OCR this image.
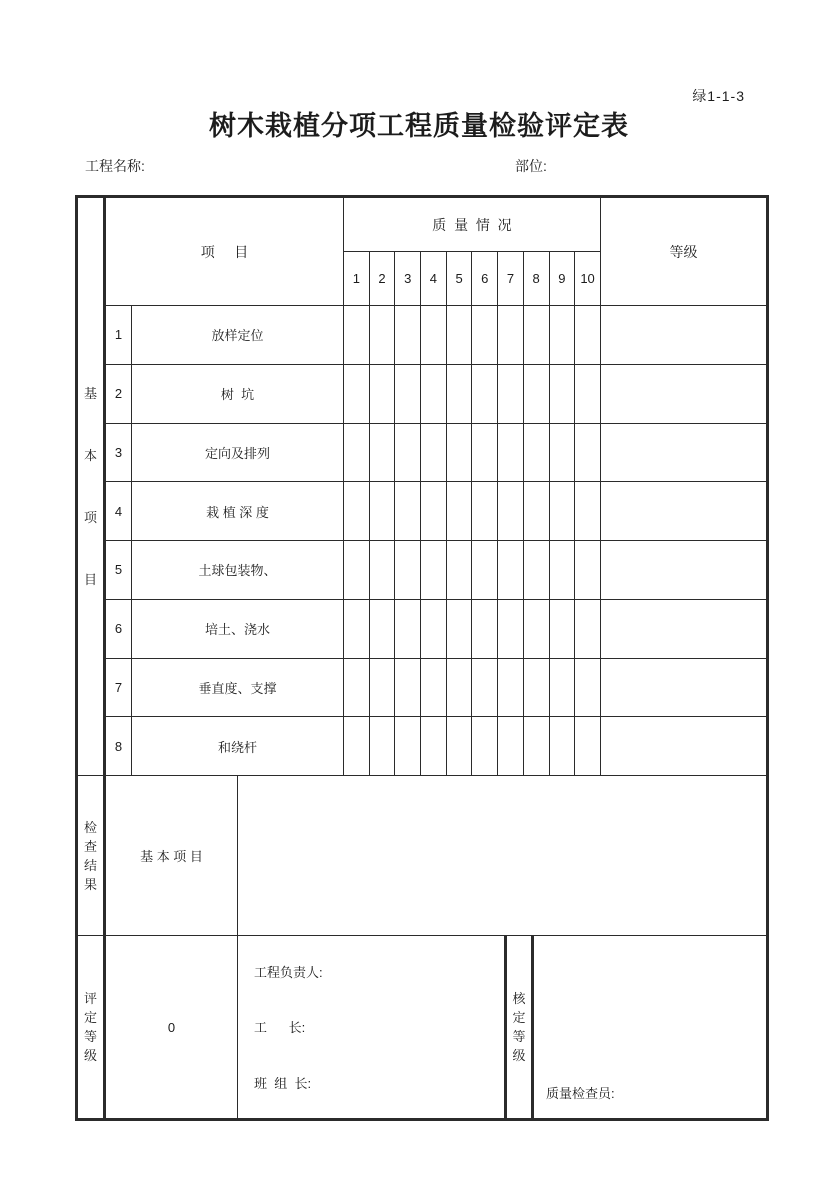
绿1-1-3
树木栽植分项工程质量检验评定表
工程名称:	部位:
基本项目	项     目		质  量  情  况										等级
			1	2	3	4	5	6	7	8	9	10	
	1	放样定位											
	2	树  坑											
	3	定向及排列											
	4	栽 植 深 度											
	5	土球包装物、											
	6	培土、浇水											
	7	垂直度、支撑											
	8	和绕杆											
检查结果
	基 本 项 目	
评定等级
	0	
工程负责人:
工      长:
班  组  长:

核定等级

质量检查员:
